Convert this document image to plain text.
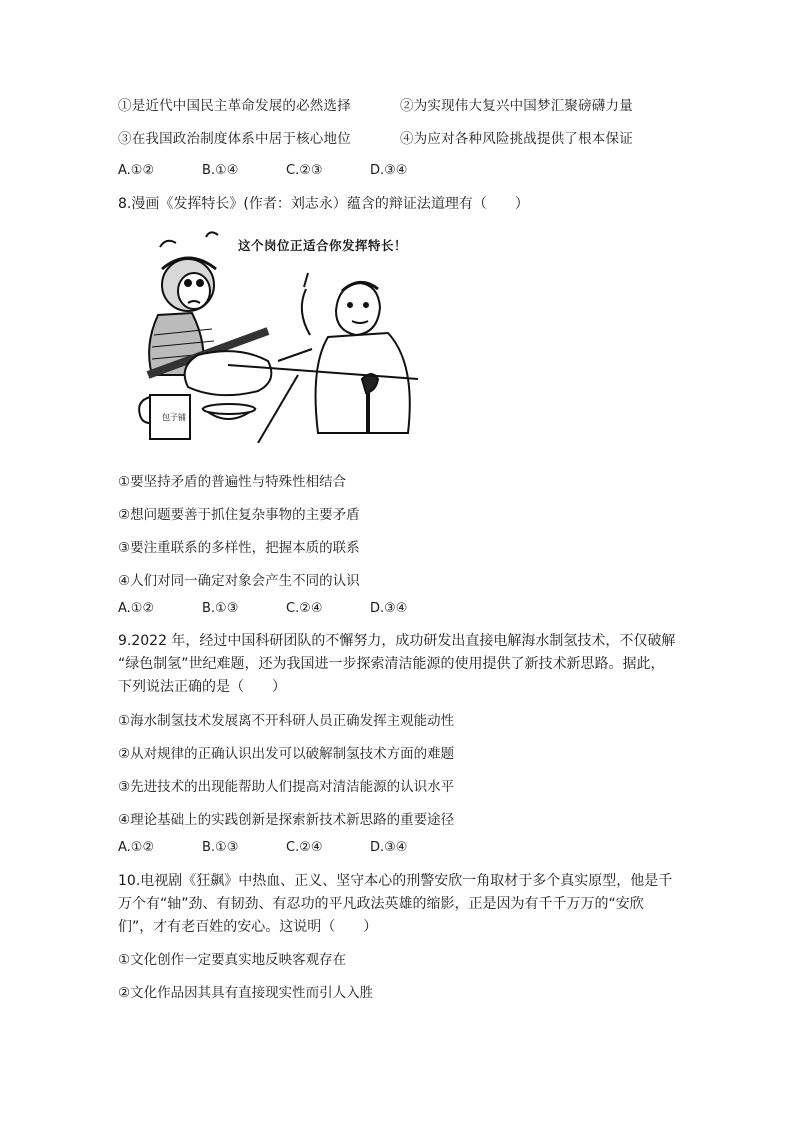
①是近代中国民主革命发展的必然选择	②为实现伟大复兴中国梦汇聚磅礴力量
③在我国政治制度体系中居于核心地位	④为应对各种风险挑战提供了根本保证
A.①②	B.①④	C.②③	D.③④
8.漫画《发挥特长》(作者：刘志永）蕴含的辩证法道理有（　　）
包子铺
这个岗位正适合你发挥特长！
①要坚持矛盾的普遍性与特殊性相结合
②想问题要善于抓住复杂事物的主要矛盾
③要注重联系的多样性，把握本质的联系
④人们对同一确定对象会产生不同的认识
A.①②	B.①③	C.②④	D.③④
9.2022 年，经过中国科研团队的不懈努力，成功研发出直接电解海水制氢技术，不仅破解
“绿色制氢”世纪难题，还为我国进一步探索清洁能源的使用提供了新技术新思路。据此，
下列说法正确的是（　　）
①海水制氢技术发展离不开科研人员正确发挥主观能动性
②从对规律的正确认识出发可以破解制氢技术方面的难题
③先进技术的出现能帮助人们提高对清洁能源的认识水平
④理论基础上的实践创新是探索新技术新思路的重要途径
A.①②	B.①③	C.②④	D.③④
10.电视剧《狂飙》中热血、正义、坚守本心的刑警安欣一角取材于多个真实原型，他是千
万个有“轴”劲、有韧劲、有忍功的平凡政法英雄的缩影，正是因为有千千万万的“安欣
们”，才有老百姓的安心。这说明（　　）
①文化创作一定要真实地反映客观存在
②文化作品因其具有直接现实性而引人入胜
